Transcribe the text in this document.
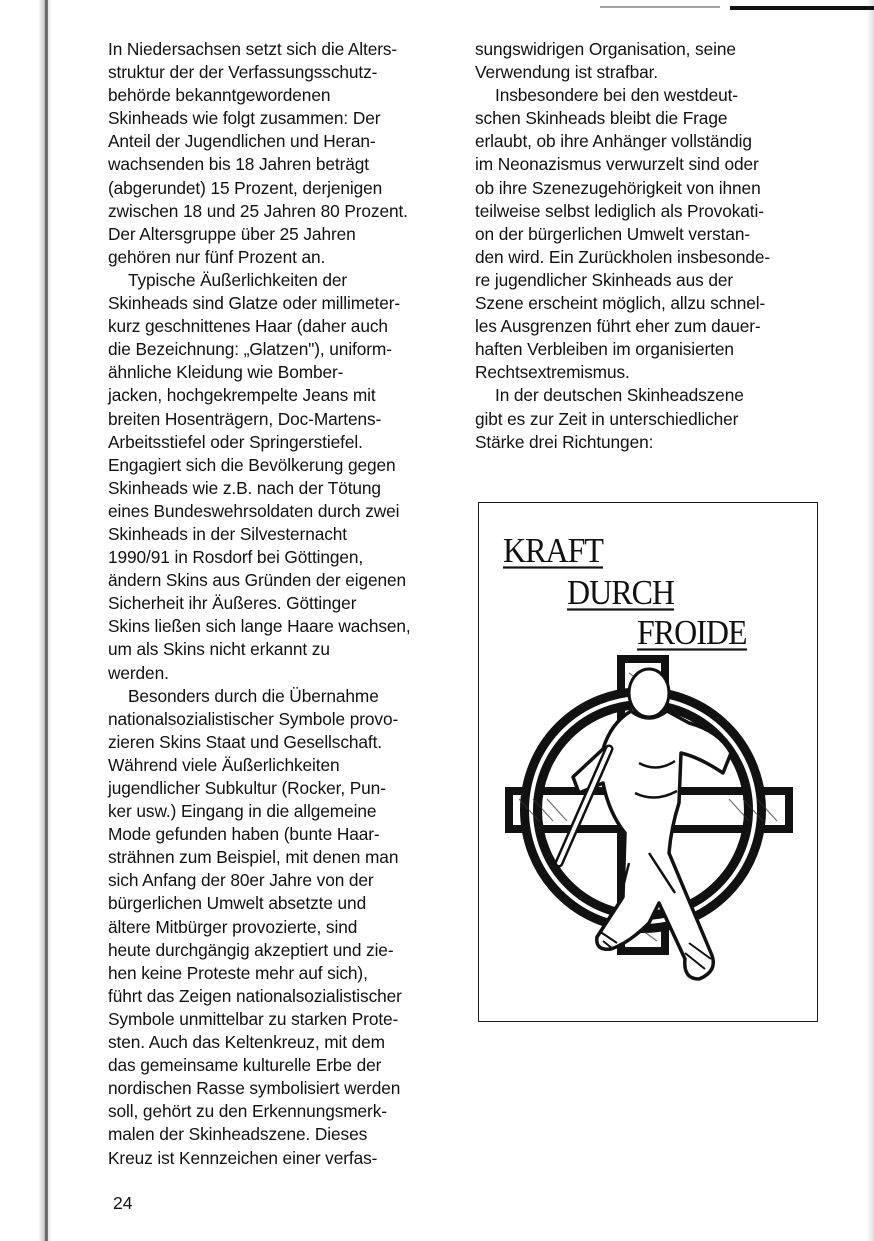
In Niedersachsen setzt sich die Alters-
struktur der der Verfassungsschutz-
behörde bekanntgewordenen
Skinheads wie folgt zusammen: Der
Anteil der Jugendlichen und Heran-
wachsenden bis 18 Jahren beträgt
(abgerundet) 15 Prozent, derjenigen
zwischen 18 und 25 Jahren 80 Prozent.
Der Altersgruppe über 25 Jahren
gehören nur fünf Prozent an.
Typische Äußerlichkeiten der
Skinheads sind Glatze oder millimeter-
kurz geschnittenes Haar (daher auch
die Bezeichnung: „Glatzen"), uniform-
ähnliche Kleidung wie Bomber-
jacken, hochgekrempelte Jeans mit
breiten Hosenträgern, Doc-Martens-
Arbeitsstiefel oder Springerstiefel.
Engagiert sich die Bevölkerung gegen
Skinheads wie z.B. nach der Tötung
eines Bundeswehrsoldaten durch zwei
Skinheads in der Silvesternacht
1990/91 in Rosdorf bei Göttingen,
ändern Skins aus Gründen der eigenen
Sicherheit ihr Äußeres. Göttinger
Skins ließen sich lange Haare wachsen,
um als Skins nicht erkannt zu
werden.
Besonders durch die Übernahme
nationalsozialistischer Symbole provo-
zieren Skins Staat und Gesellschaft.
Während viele Äußerlichkeiten
jugendlicher Subkultur (Rocker, Pun-
ker usw.) Eingang in die allgemeine
Mode gefunden haben (bunte Haar-
strähnen zum Beispiel, mit denen man
sich Anfang der 80er Jahre von der
bürgerlichen Umwelt absetzte und
ältere Mitbürger provozierte, sind
heute durchgängig akzeptiert und zie-
hen keine Proteste mehr auf sich),
führt das Zeigen nationalsozialistischer
Symbole unmittelbar zu starken Prote-
sten. Auch das Keltenkreuz, mit dem
das gemeinsame kulturelle Erbe der
nordischen Rasse symbolisiert werden
soll, gehört zu den Erkennungsmerk-
malen der Skinheadszene. Dieses
Kreuz ist Kennzeichen einer verfas-
sungswidrigen Organisation, seine
Verwendung ist strafbar.
Insbesondere bei den westdeut-
schen Skinheads bleibt die Frage
erlaubt, ob ihre Anhänger vollständig
im Neonazismus verwurzelt sind oder
ob ihre Szenezugehörigkeit von ihnen
teilweise selbst lediglich als Provokati-
on der bürgerlichen Umwelt verstan-
den wird. Ein Zurückholen insbesonde-
re jugendlicher Skinheads aus der
Szene erscheint möglich, allzu schnel-
les Ausgrenzen führt eher zum dauer-
haften Verbleiben im organisierten
Rechtsextremismus.
In der deutschen Skinheadszene
gibt es zur Zeit in unterschiedlicher
Stärke drei Richtungen:
KRAFT
DURCH
FROIDE
24
